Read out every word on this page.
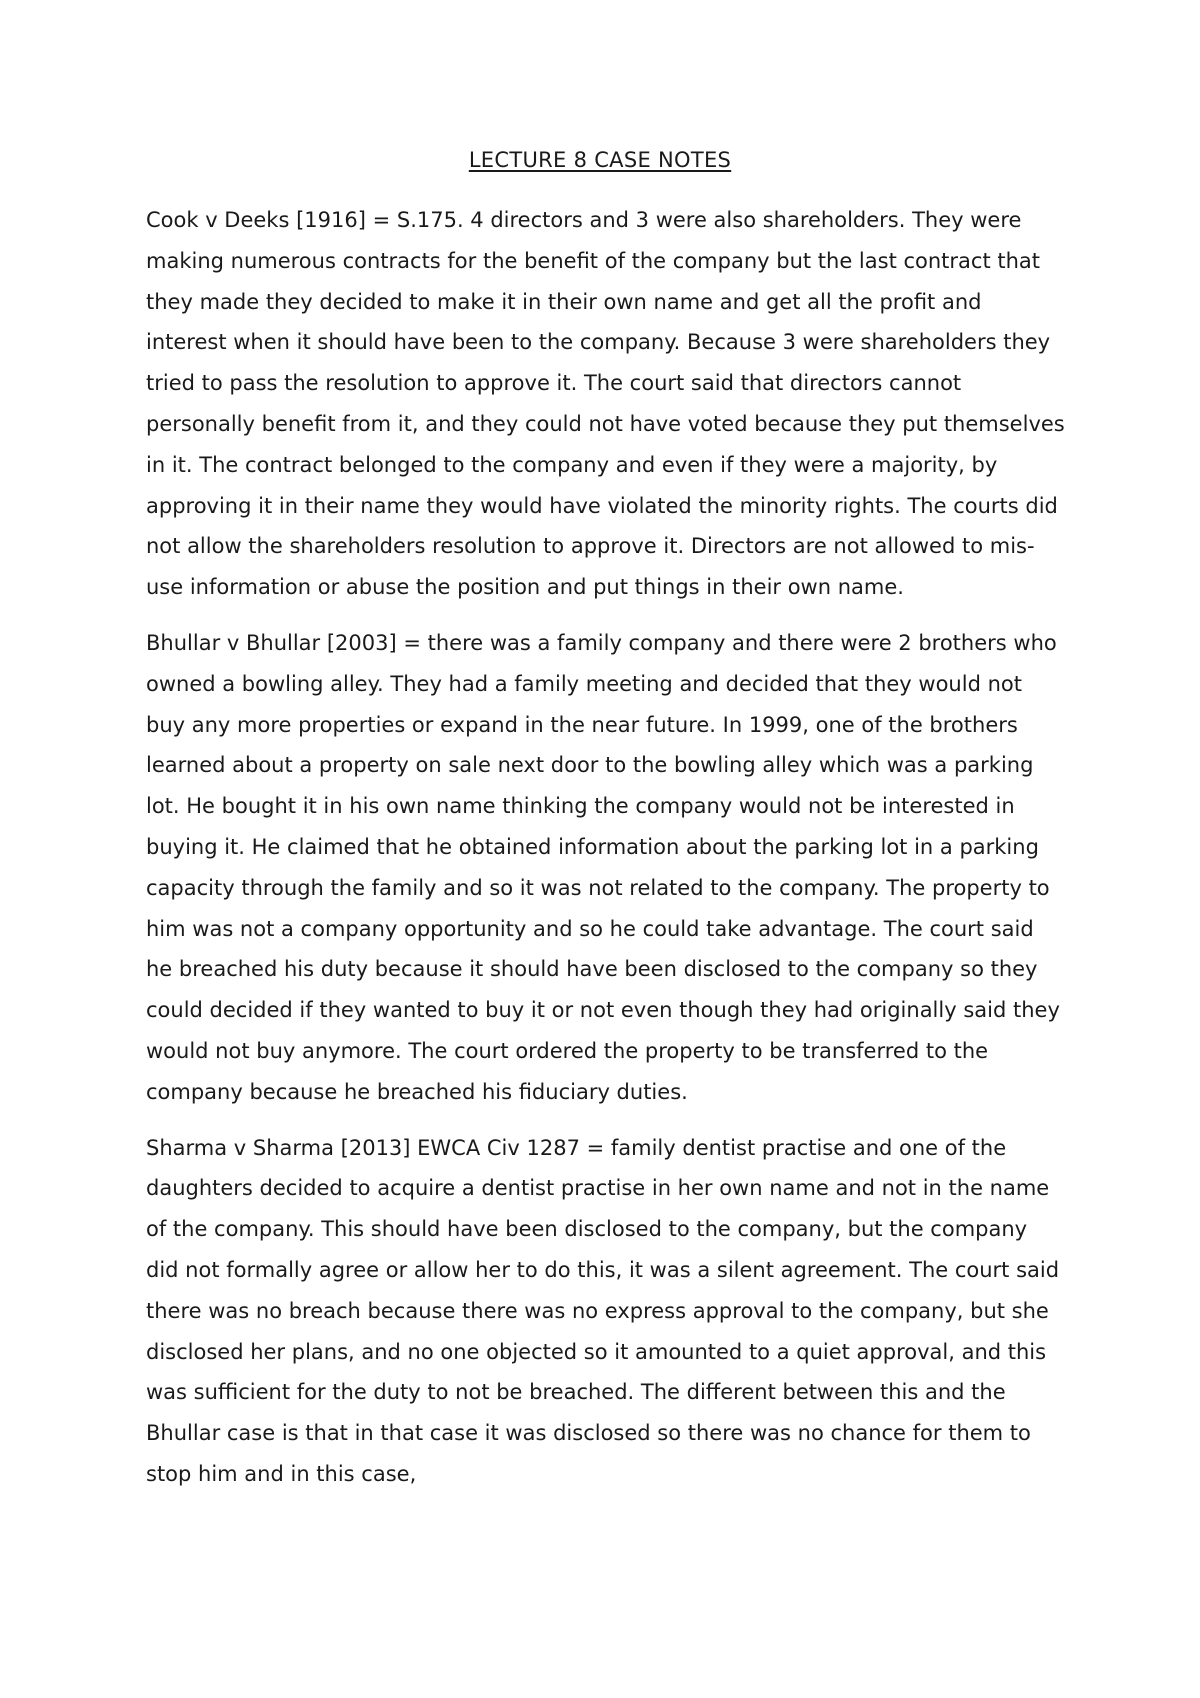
LECTURE 8 CASE NOTES

Cook v Deeks [1916] = S.175. 4 directors and 3 were also shareholders. They were making numerous contracts for the benefit of the company but the last contract that they made they decided to make it in their own name and get all the profit and interest when it should have been to the company. Because 3 were shareholders they tried to pass the resolution to approve it. The court said that directors cannot personally benefit from it, and they could not have voted because they put themselves in it. The contract belonged to the company and even if they were a majority, by approving it in their name they would have violated the minority rights. The courts did not allow the shareholders resolution to approve it. Directors are not allowed to mis-use information or abuse the position and put things in their own name.

Bhullar v Bhullar [2003] = there was a family company and there were 2 brothers who owned a bowling alley. They had a family meeting and decided that they would not buy any more properties or expand in the near future. In 1999, one of the brothers learned about a property on sale next door to the bowling alley which was a parking lot. He bought it in his own name thinking the company would not be interested in buying it. He claimed that he obtained information about the parking lot in a parking capacity through the family and so it was not related to the company. The property to him was not a company opportunity and so he could take advantage. The court said he breached his duty because it should have been disclosed to the company so they could decided if they wanted to buy it or not even though they had originally said they would not buy anymore. The court ordered the property to be transferred to the company because he breached his fiduciary duties.

Sharma v Sharma [2013] EWCA Civ 1287 = family dentist practise and one of the daughters decided to acquire a dentist practise in her own name and not in the name of the company. This should have been disclosed to the company, but the company did not formally agree or allow her to do this, it was a silent agreement. The court said there was no breach because there was no express approval to the company, but she disclosed her plans, and no one objected so it amounted to a quiet approval, and this was sufficient for the duty to not be breached. The different between this and the Bhullar case is that in that case it was disclosed so there was no chance for them to stop him and in this case,
